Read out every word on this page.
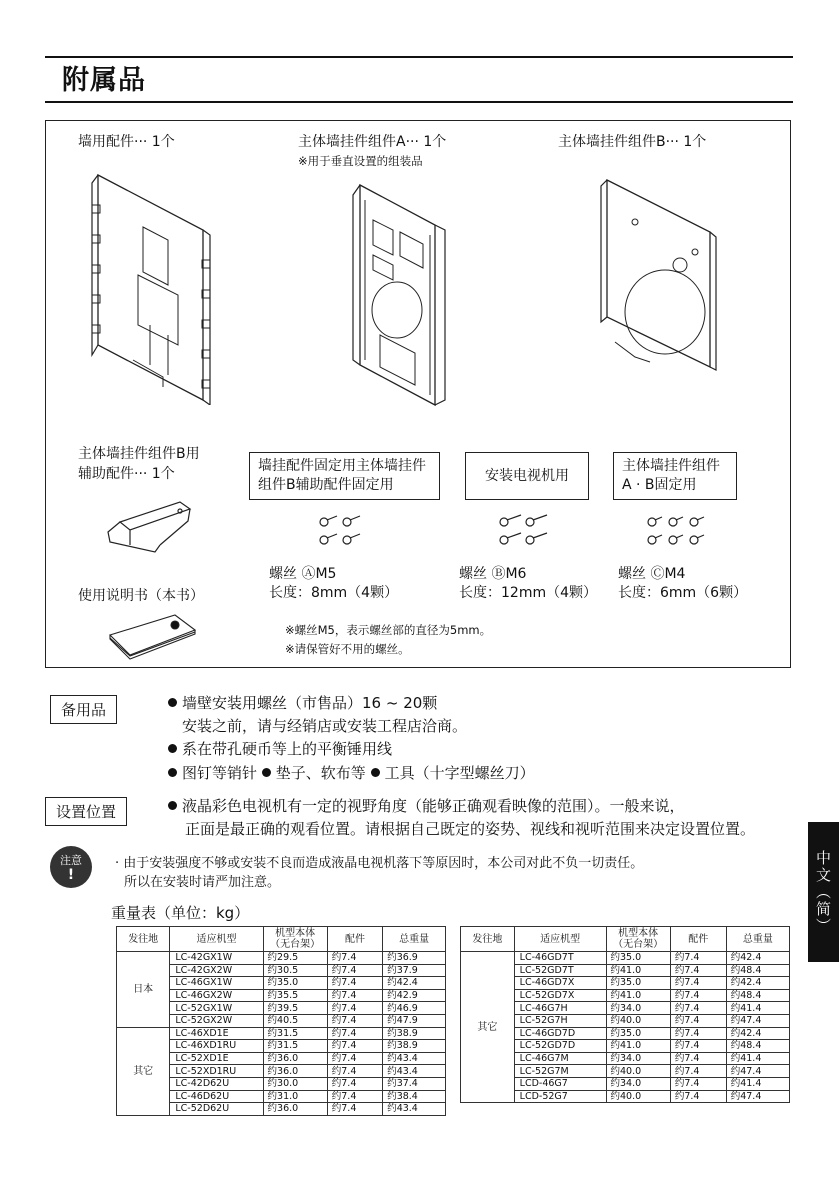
附属品
墙用配件··· 1个	主体墙挂件组件A··· 1个
※用于垂直设置的组装品
主体墙挂件组件B··· 1个
主体墙挂件组件B用
辅助配件··· 1个
使用说明书（本书）
墙挂配件固定用主体墙挂件
组件B辅助配件固定用
安装电视机用
主体墙挂件组件
A · B固定用
螺丝 ⒶM5
长度：8mm（4颗）
螺丝 ⒷM6
长度：12mm（4颗）
螺丝 ⒸM4
长度：6mm（6颗）
※螺丝M5，表示螺丝部的直径为5mm。
※请保管好不用的螺丝。
备用品	墙壁安装用螺丝（市售品）16 ~ 20颗
安装之前，请与经销店或安装工程店洽商。
系在带孔硬币等上的平衡锤用线
图钉等销针 垫子、软布等 工具（十字型螺丝刀）
设置位置	液晶彩色电视机有一定的视野角度（能够正确观看映像的范围）。一般来说，
正面是最正确的观看位置。请根据自己既定的姿势、视线和视听范围来决定设置位置。
中文（简）
注意
!
· 由于安装强度不够或安装不良而造成液晶电视机落下等原因时，本公司对此不负一切责任。
所以在安装时请严加注意。
重量表（单位：kg）
发往地	适应机型	机型本体
（无台架）	配件	总重量
日本	LC-42GX1W	约29.5	约7.4	约36.9
	LC-42GX2W	约30.5	约7.4	约37.9
	LC-46GX1W	约35.0	约7.4	约42.4
	LC-46GX2W	约35.5	约7.4	约42.9
	LC-52GX1W	约39.5	约7.4	约46.9
	LC-52GX2W	约40.5	约7.4	约47.9
其它	LC-46XD1E	约31.5	约7.4	约38.9
	LC-46XD1RU	约31.5	约7.4	约38.9
	LC-52XD1E	约36.0	约7.4	约43.4
	LC-52XD1RU	约36.0	约7.4	约43.4
	LC-42D62U	约30.0	约7.4	约37.4
	LC-46D62U	约31.0	约7.4	约38.4
	LC-52D62U	约36.0	约7.4	约43.4
发往地	适应机型	机型本体
（无台架）	配件	总重量
其它	LC-46GD7T	约35.0	约7.4	约42.4
	LC-52GD7T	约41.0	约7.4	约48.4
	LC-46GD7X	约35.0	约7.4	约42.4
	LC-52GD7X	约41.0	约7.4	约48.4
	LC-46G7H	约34.0	约7.4	约41.4
	LC-52G7H	约40.0	约7.4	约47.4
	LC-46GD7D	约35.0	约7.4	约42.4
	LC-52GD7D	约41.0	约7.4	约48.4
	LC-46G7M	约34.0	约7.4	约41.4
	LC-52G7M	约40.0	约7.4	约47.4
	LCD-46G7	约34.0	约7.4	约41.4
	LCD-52G7	约40.0	约7.4	约47.4
